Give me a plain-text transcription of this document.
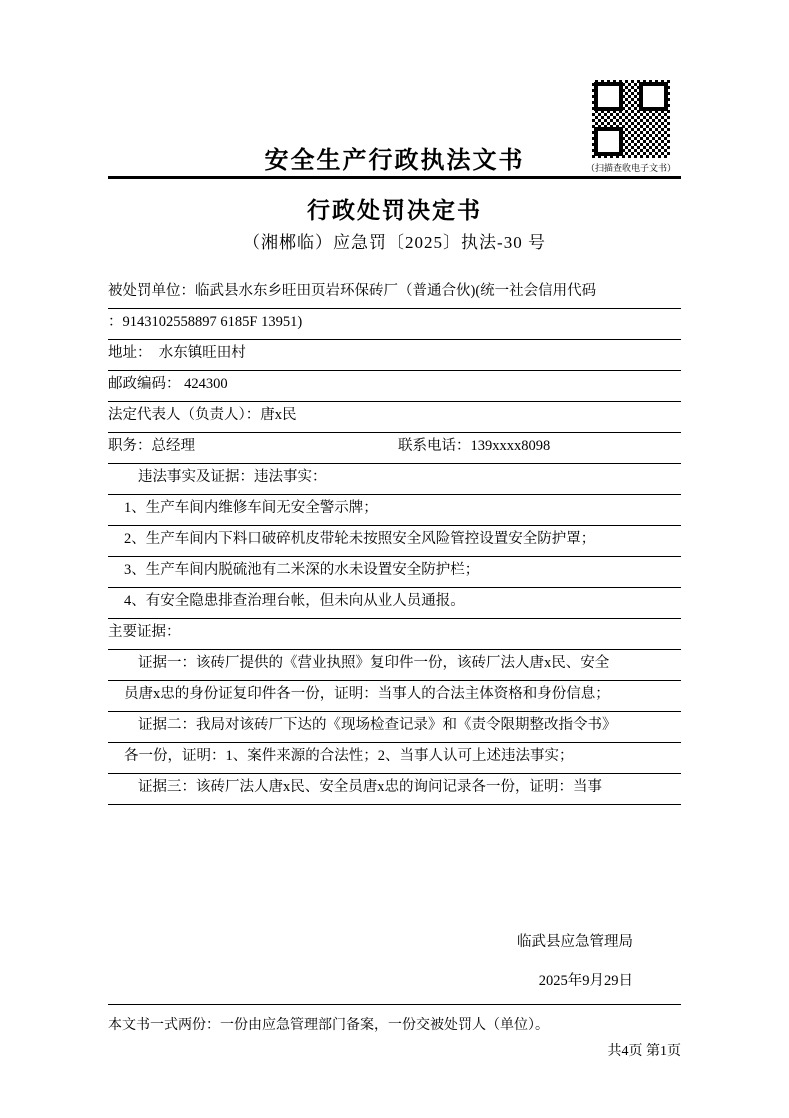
（扫描查收电子文书）
安全生产行政执法文书
行政处罚决定书
（湘郴临）应急罚〔2025〕执法-30 号
被处罚单位：临武县水东乡旺田页岩环保砖厂（普通合伙)(统一社会信用代码
：9143102558897 6185F 13951)
地址： 水东镇旺田村
邮政编码： 424300
法定代表人（负责人）：唐x民
职务：总经理	联系电话：139xxxx8098
违法事实及证据：违法事实：
1、生产车间内维修车间无安全警示牌；
2、生产车间内下料口破碎机皮带轮未按照安全风险管控设置安全防护罩；
3、生产车间内脱硫池有二米深的水未设置安全防护栏；
4、有安全隐患排查治理台帐，但未向从业人员通报。
主要证据：
证据一：该砖厂提供的《营业执照》复印件一份，该砖厂法人唐x民、安全
员唐x忠的身份证复印件各一份，证明：当事人的合法主体资格和身份信息；
证据二：我局对该砖厂下达的《现场检查记录》和《责令限期整改指令书》
各一份，证明：1、案件来源的合法性；2、当事人认可上述违法事实；
证据三：该砖厂法人唐x民、安全员唐x忠的询问记录各一份，证明：当事
临武县应急管理局
2025年9月29日
本文书一式两份：一份由应急管理部门备案，一份交被处罚人（单位）。
共4页 第1页
